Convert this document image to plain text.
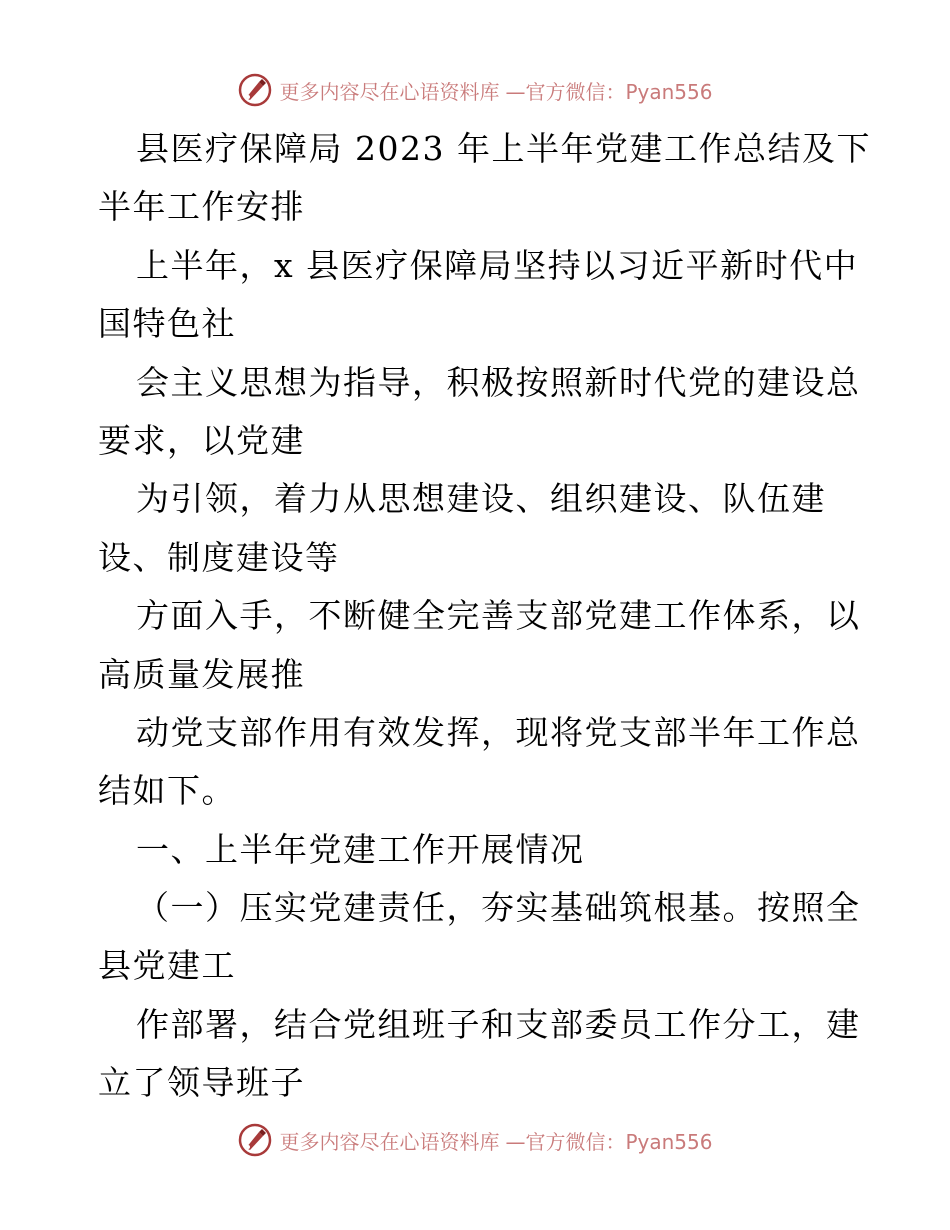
更多内容尽在心语资料库 —官方微信：Pyan556
县医疗保障局 2023 年上半年党建工作总结及下
半年工作安排
上半年，x 县医疗保障局坚持以习近平新时代中
国特色社
会主义思想为指导，积极按照新时代党的建设总
要求，以党建
为引领，着力从思想建设、组织建设、队伍建
设、制度建设等
方面入手，不断健全完善支部党建工作体系，以
高质量发展推
动党支部作用有效发挥，现将党支部半年工作总
结如下。
一、上半年党建工作开展情况
（一）压实党建责任，夯实基础筑根基。按照全
县党建工
作部署，结合党组班子和支部委员工作分工，建
立了领导班子
更多内容尽在心语资料库 —官方微信：Pyan556
